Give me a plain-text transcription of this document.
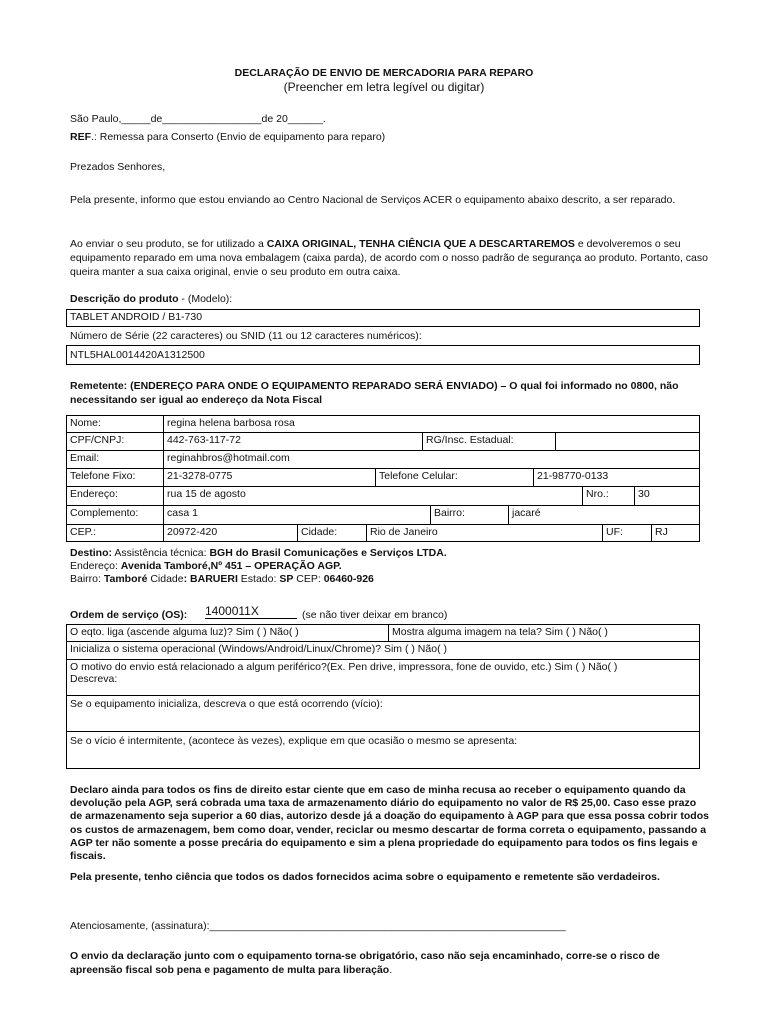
DECLARAÇÃO DE ENVIO DE MERCADORIA PARA REPARO
(Preencher em letra legível ou digitar)
São Paulo,_____de_________________de 20______.
REF.: Remessa para Conserto (Envio de equipamento para reparo)
Prezados Senhores,
Pela presente, informo que estou enviando ao Centro Nacional de Serviços ACER o equipamento abaixo descrito, a ser reparado.
Ao enviar o seu produto, se for utilizado a CAIXA ORIGINAL, TENHA CIÊNCIA QUE A DESCARTAREMOS e devolveremos o seu equipamento reparado em uma nova embalagem (caixa parda), de acordo com o nosso padrão de segurança ao produto. Portanto, caso queira manter a sua caixa original, envie o seu produto em outra caixa.
Descrição do produto - (Modelo):
TABLET ANDROID / B1-730
Número de Série (22 caracteres) ou SNID (11 ou 12 caracteres numéricos):
NTL5HAL0014420A1312500
Remetente: (ENDEREÇO PARA ONDE O EQUIPAMENTO REPARADO SERÁ ENVIADO) – O qual foi informado no 0800, não necessitando ser igual ao endereço da Nota Fiscal
Nome:	regina helena barbosa rosa
CPF/CNPJ:	442-763-117-72	RG/Insc. Estadual:
Email:	reginahbros@hotmail.com
Telefone Fixo:	21-3278-0775	Telefone Celular:	21-98770-0133
Endereço:	rua 15 de agosto	Nro.:	30
Complemento:	casa 1	Bairro:	jacaré
CEP.:	20972-420	Cidade:	Rio de Janeiro	UF:	RJ
Destino: Assistência técnica: BGH do Brasil Comunicações e Serviços LTDA.
Endereço: Avenida Tamboré,Nº 451 – OPERAÇÃO AGP.
Bairro: Tamboré Cidade: BARUERI Estado: SP CEP: 06460-926
Ordem de serviço (OS): 1400011X	(se não tiver deixar em branco)
O eqto. liga (ascende alguma luz)? Sim ( ) Não( )	Mostra alguma imagem na tela? Sim ( ) Não( )
Inicializa o sistema operacional (Windows/Android/Linux/Chrome)? Sim ( ) Não( )
O motivo do envio está relacionado a algum periférico?(Ex. Pen drive, impressora, fone de ouvido, etc.) Sim ( ) Não( )
Descreva:
Se o equipamento inicializa, descreva o que está ocorrendo (vício):
Se o vício é intermitente, (acontece às vezes), explique em que ocasião o mesmo se apresenta:
Declaro ainda para todos os fins de direito estar ciente que em caso de minha recusa ao receber o equipamento quando da devolução pela AGP, será cobrada uma taxa de armazenamento diário do equipamento no valor de R$ 25,00. Caso esse prazo de armazenamento seja superior a 60 dias, autorizo desde já a doação do equipamento à AGP para que essa possa cobrir todos os custos de armazenagem, bem como doar, vender, reciclar ou mesmo descartar de forma correta o equipamento, passando a AGP ter não somente a posse precária do equipamento e sim a plena propriedade do equipamento para todos os fins legais e fiscais.
Pela presente, tenho ciência que todos os dados fornecidos acima sobre o equipamento e remetente são verdadeiros.
Atenciosamente, (assinatura):_____________________________________________________________
O envio da declaração junto com o equipamento torna-se obrigatório, caso não seja encaminhado, corre-se o risco de apreensão fiscal sob pena e pagamento de multa para liberação.
